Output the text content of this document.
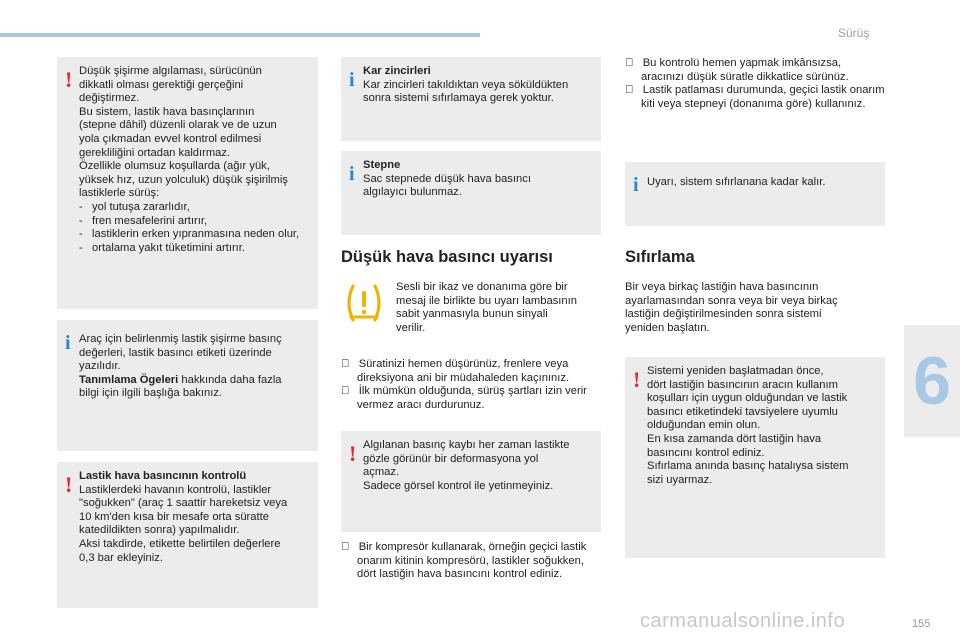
Sürüş
6
! Düşük şişirme algılaması, sürücünün
dikkatli olması gerektiği gerçeğini
değiştirmez.
Bu sistem, lastik hava basınçlarının
(stepne dâhil) düzenli olarak ve de uzun
yola çıkmadan evvel kontrol edilmesi
gerekliliğini ortadan kaldırmaz.
Özellikle olumsuz koşullarda (ağır yük,
yüksek hız, uzun yolculuk) düşük şişirilmiş
lastiklerle sürüş:
-   yol tutuşa zararlıdır,
-   fren mesafelerini artırır,
-   lastiklerin erken yıpranmasına neden olur,
-   ortalama yakıt tüketimini artırır.
i Araç için belirlenmiş lastik şişirme basınç
değerleri, lastik basıncı etiketi üzerinde
yazılıdır.
Tanımlama Ögeleri hakkında daha fazla
bilgi için ilgili başlığa bakınız.
! Lastik hava basıncının kontrolü
Lastiklerdeki havanın kontrolü, lastikler
"soğukken" (araç 1 saattir hareketsiz veya
10 km'den kısa bir mesafe orta süratte
katedildikten sonra) yapılmalıdır.
Aksi takdirde, etikette belirtilen değerlere
0,3 bar ekleyiniz.
i Kar zincirleri
Kar zincirleri takıldıktan veya söküldükten
sonra sistemi sıfırlamaya gerek yoktur.
i Stepne
Sac stepnede düşük hava basıncı
algılayıcı bulunmaz.
Düşük hava basıncı uyarısı
Sesli bir ikaz ve donanıma göre bir
mesaj ile birlikte bu uyarı lambasının
sabit yanmasıyla bunun sinyali
verilir.
Süratinizi hemen düşürünüz, frenlere veya direksiyona ani bir müdahaleden kaçınınız.
İlk mümkün olduğunda, sürüş şartları izin verir vermez aracı durdurunuz.
! Algılanan basınç kaybı her zaman lastikte
gözle görünür bir deformasyona yol
açmaz.
Sadece görsel kontrol ile yetinmeyiniz.
Bir kompresör kullanarak, örneğin geçici lastik onarım kitinin kompresörü, lastikler soğukken, dört lastiğin hava basıncını kontrol ediniz.
Bu kontrolü hemen yapmak imkânsızsa, aracınızı düşük süratle dikkatlice sürünüz.
Lastik patlaması durumunda, geçici lastik onarım kiti veya stepneyi (donanıma göre) kullanınız.
i Uyarı, sistem sıfırlanana kadar kalır.
Sıfırlama
Bir veya birkaç lastiğin hava basıncının
ayarlamasından sonra veya bir veya birkaç
lastiğin değiştirilmesinden sonra sistemi
yeniden başlatın.
! Sistemi yeniden başlatmadan önce,
dört lastiğin basıncının aracın kullanım
koşulları için uygun olduğundan ve lastik
basıncı etiketindeki tavsiyelere uyumlu
olduğundan emin olun.
En kısa zamanda dört lastiğin hava
basıncını kontrol ediniz.
Sıfırlama anında basınç hatalıysa sistem
sizi uyarmaz.
155
carmanualsonline.info
